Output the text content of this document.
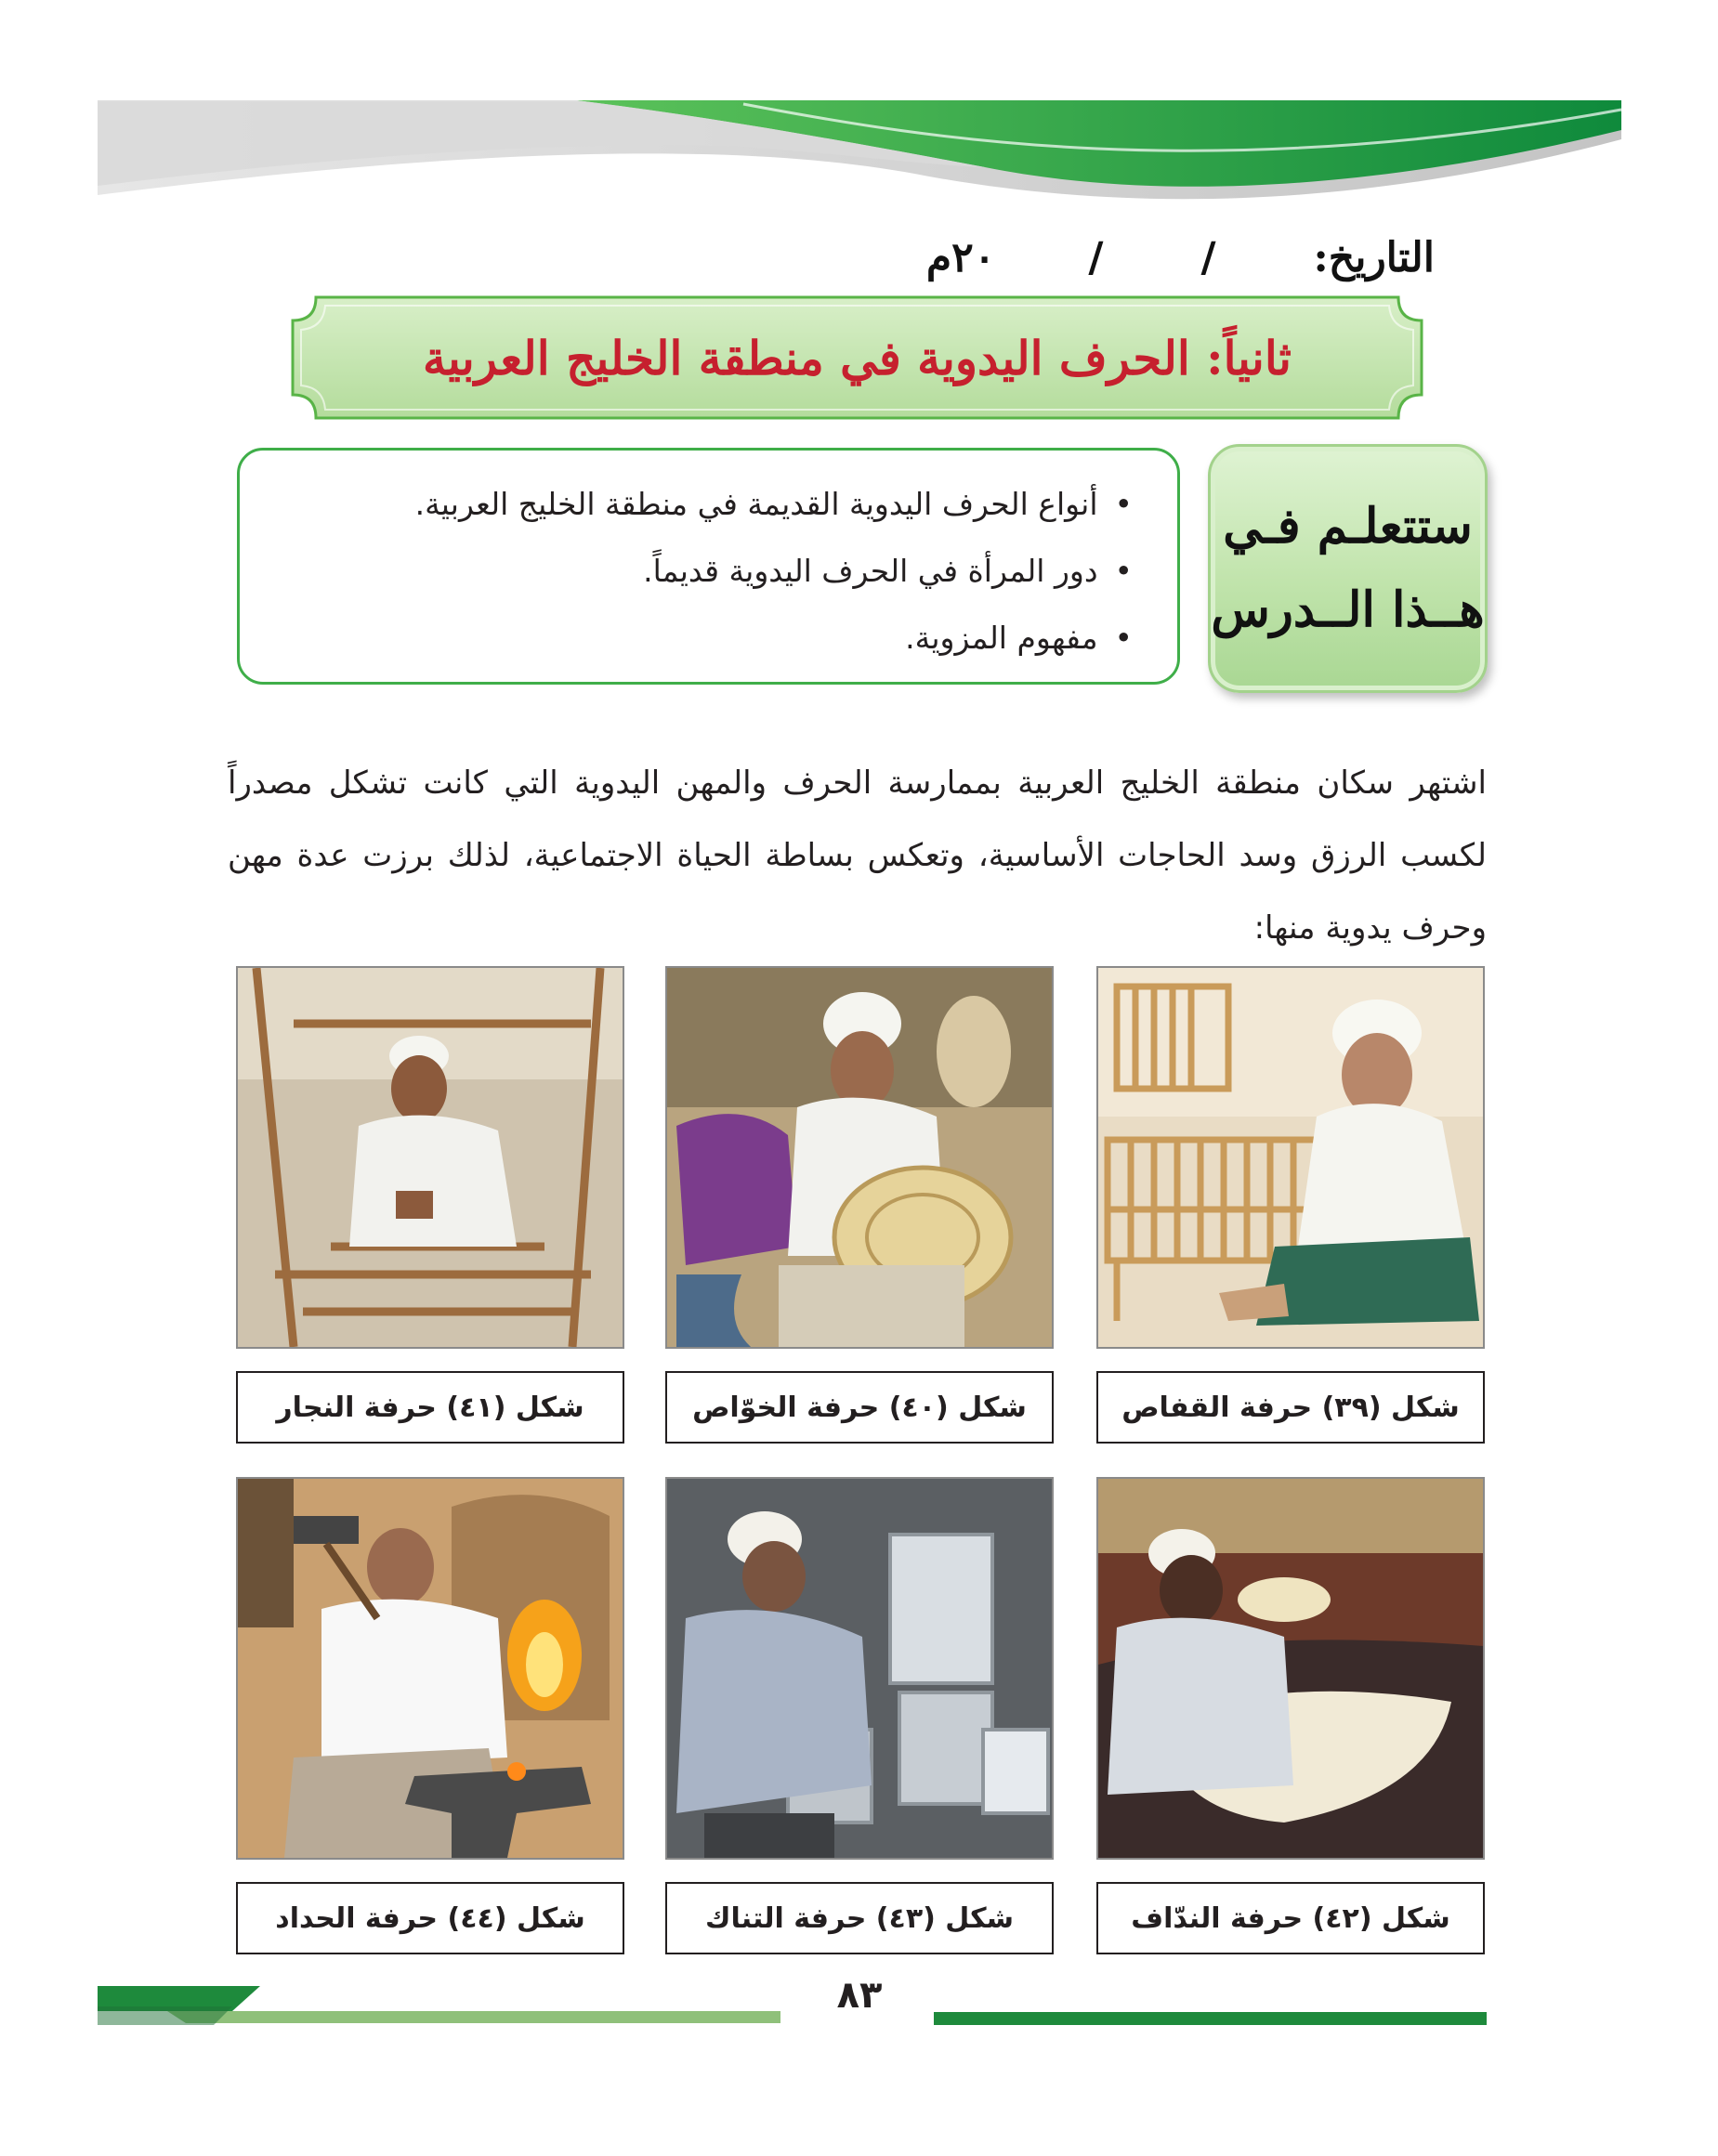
التاريخ:
/
/
٢٠م
ثانياً: الحرف اليدوية في منطقة الخليج العربية
ستتعلـم فـي
هــذا الــدرس
•أنواع الحرف اليدوية القديمة في منطقة الخليج العربية.
•دور المرأة في الحرف اليدوية قديماً.
•مفهوم المزوية.

اشتهر سكان منطقة الخليج العربية بممارسة الحرف والمهن اليدوية التي كانت تشكل مصدراً لكسب الرزق وسد الحاجات الأساسية، وتعكس بساطة الحياة الاجتماعية، لذلك برزت عدة مهن وحرف يدوية منها:

شكل (٣٩) حرفة القفاص
شكل (٤٠) حرفة الخوّاص
شكل (٤١) حرفة النجار
شكل (٤٢) حرفة الندّاف
شكل (٤٣) حرفة التناك
شكل (٤٤) حرفة الحداد
٨٣
